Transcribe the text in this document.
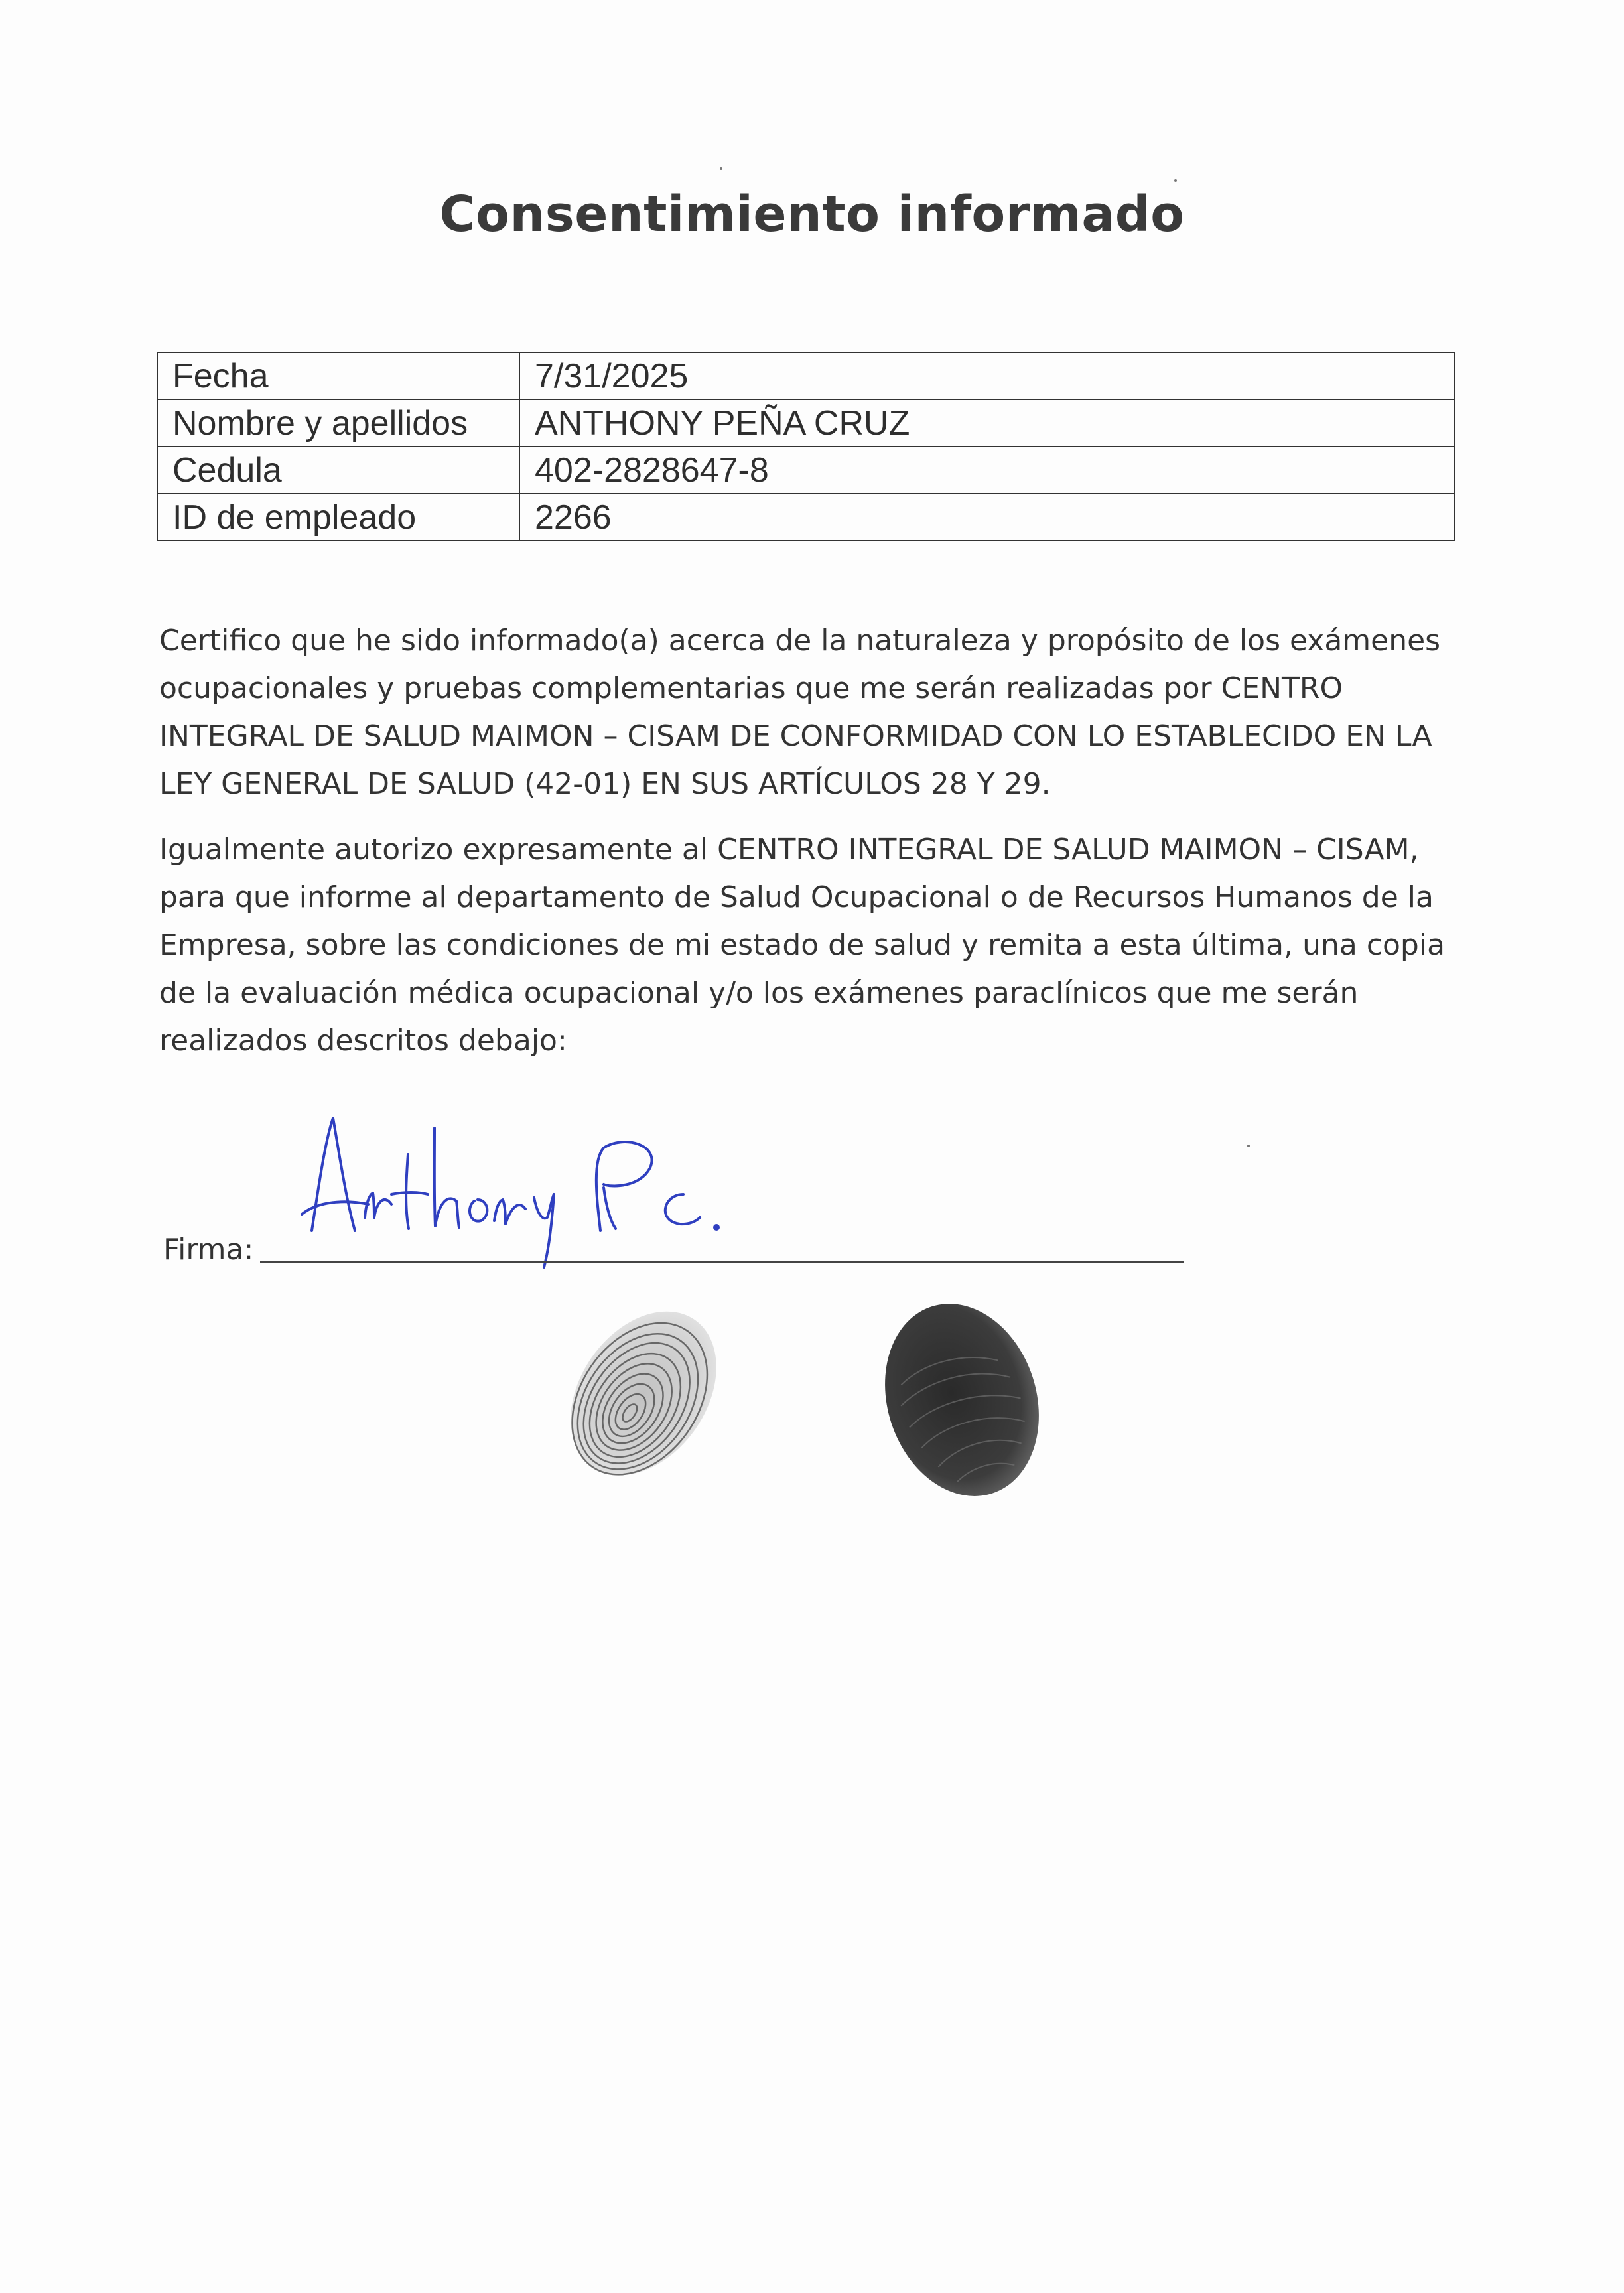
Consentimiento informado
Fecha	7/31/2025
Nombre y apellidos	ANTHONY PEÑA CRUZ
Cedula	402-2828647-8
ID de empleado	2266
Certifico que he sido informado(a) acerca de la naturaleza y propósito de los exámenes ocupacionales y pruebas complementarias que me serán realizadas por CENTRO INTEGRAL DE SALUD MAIMON – CISAM DE CONFORMIDAD CON LO ESTABLECIDO EN LA LEY GENERAL DE SALUD (42-01) EN SUS ARTÍCULOS 28 Y 29.
Igualmente autorizo expresamente al CENTRO INTEGRAL DE SALUD MAIMON – CISAM, para que informe al departamento de Salud Ocupacional o de Recursos Humanos de la Empresa, sobre las condiciones de mi estado de salud y remita a esta última, una copia de la evaluación médica ocupacional y/o los exámenes paraclínicos que me serán realizados descritos debajo:
Firma:
